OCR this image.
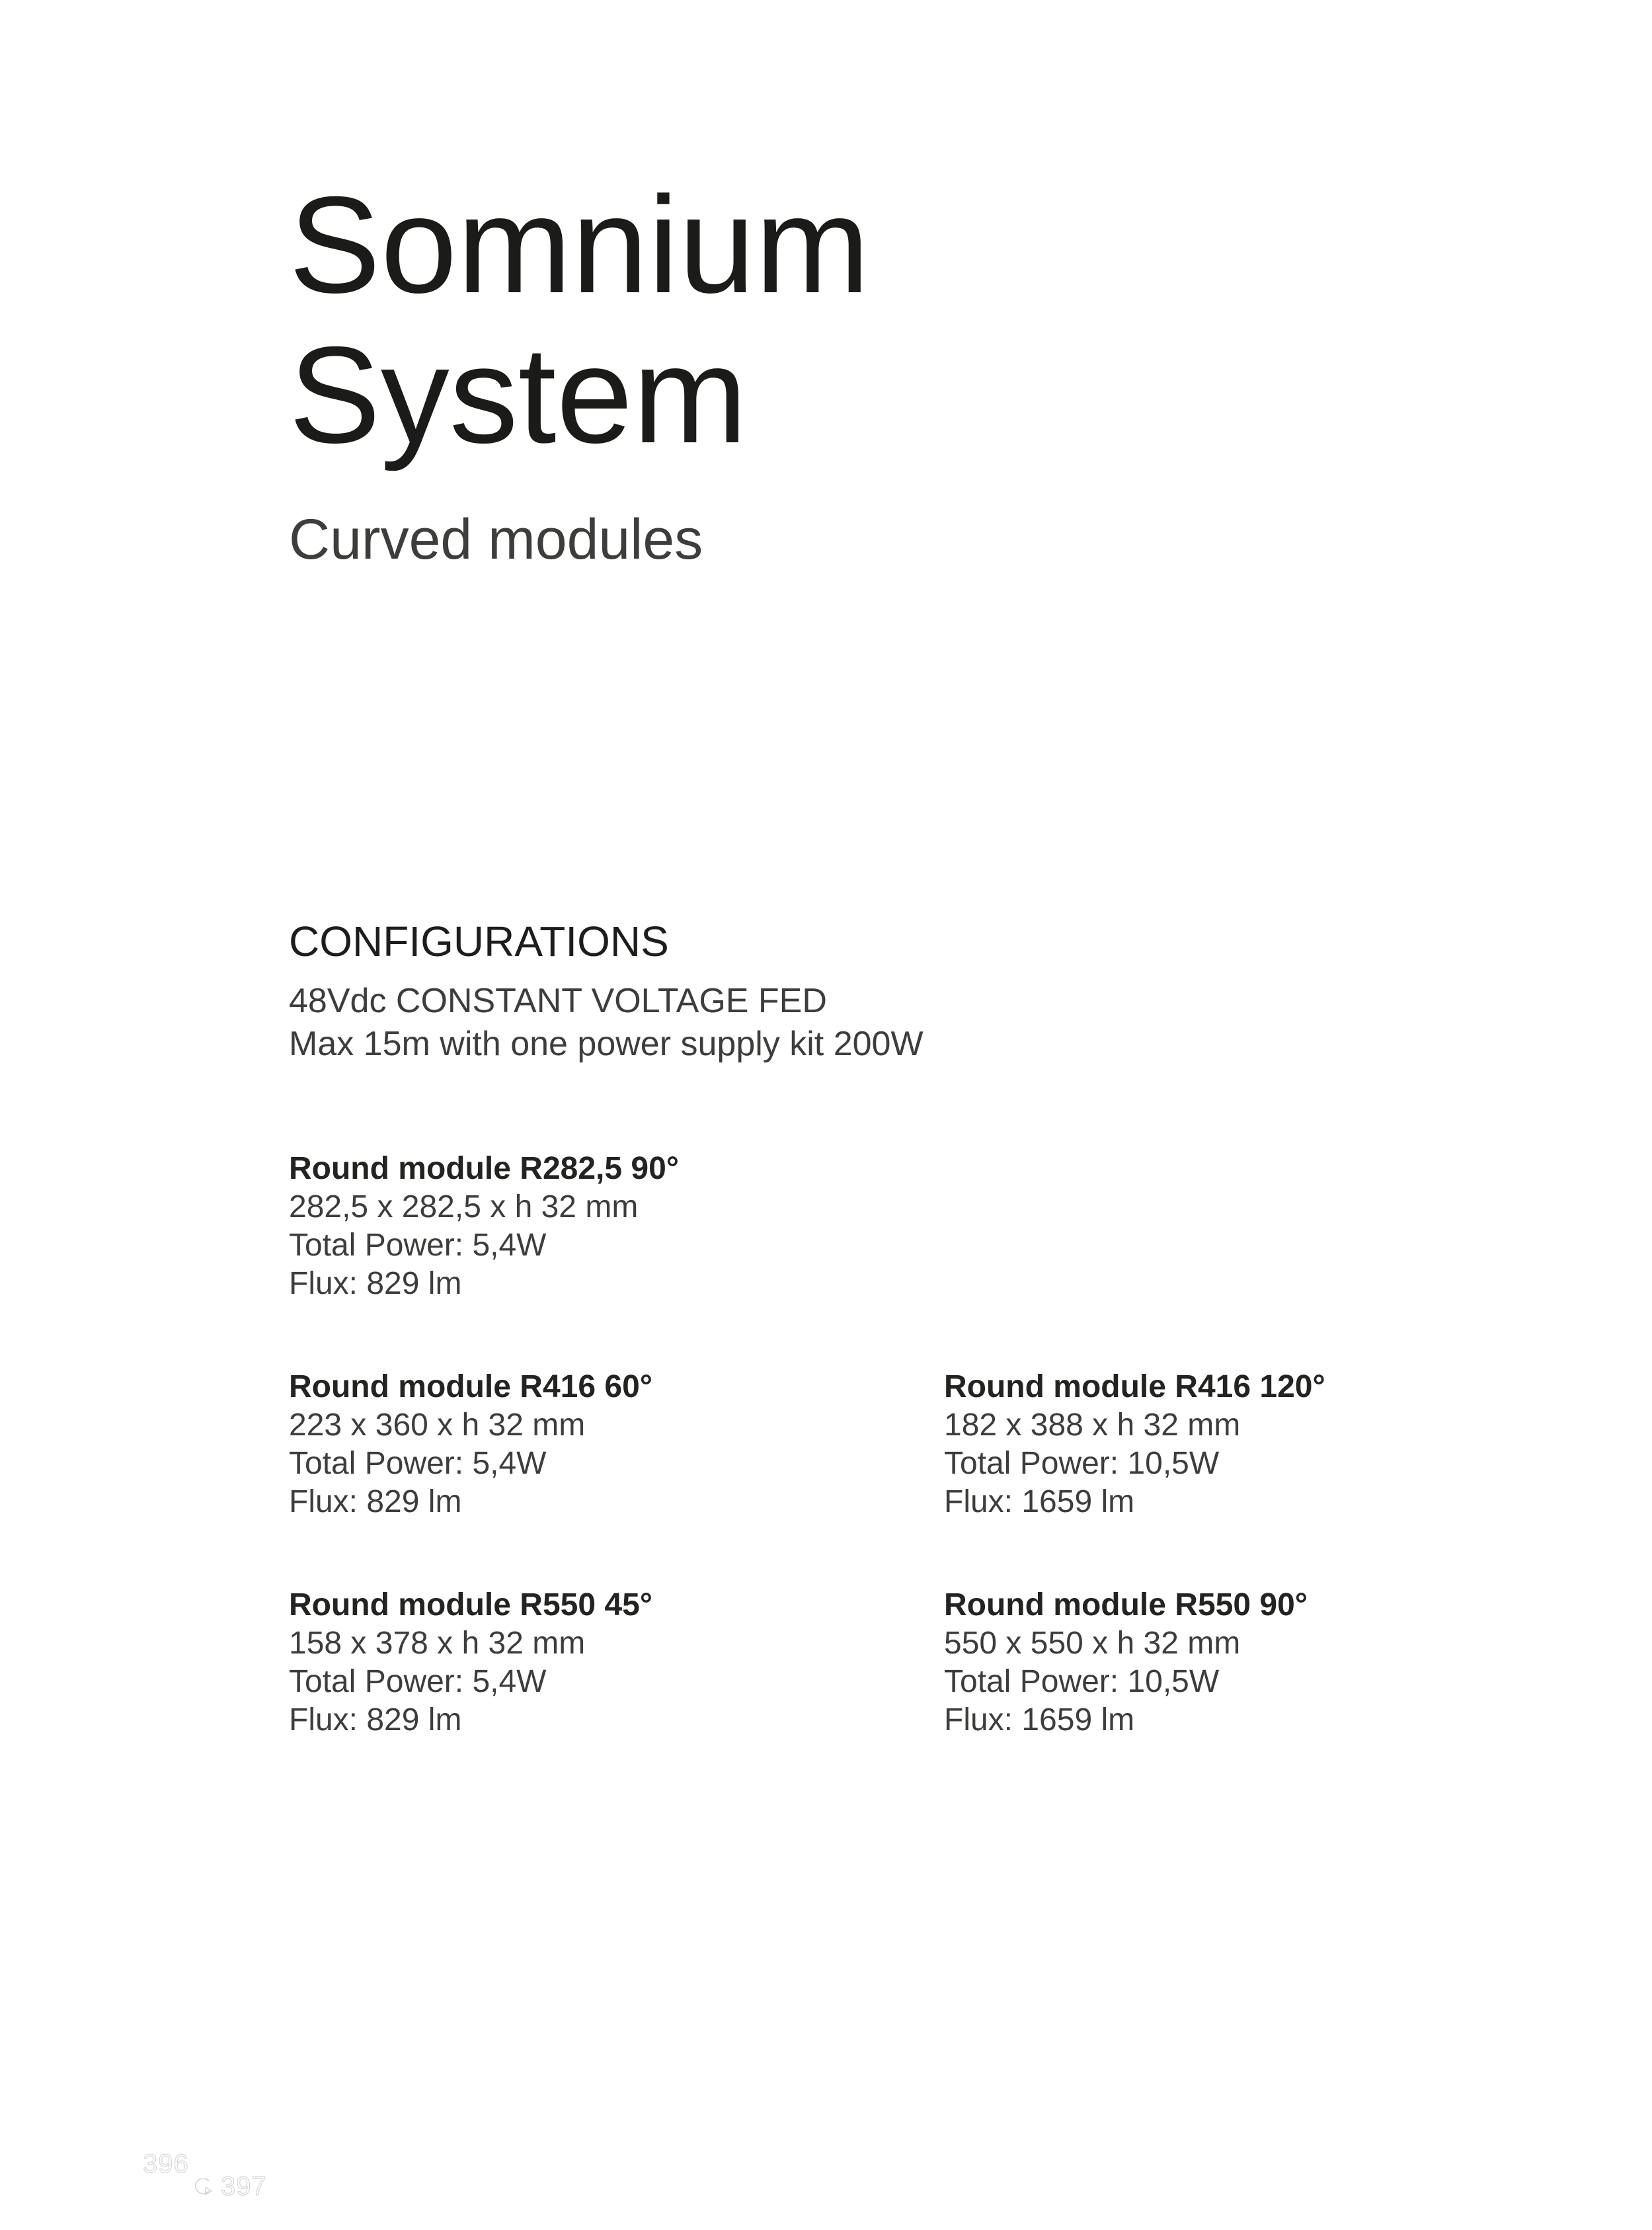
Somnium
System
Curved modules
CONFIGURATIONS
48Vdc CONSTANT VOLTAGE FED
Max 15m with one power supply kit 200W
Round module R282,5 90°
282,5 x 282,5 x h 32 mm
Total Power: 5,4W
Flux: 829 lm
Round module R416 60°
223 x 360 x h 32 mm
Total Power: 5,4W
Flux: 829 lm
Round module R416 120°
182 x 388 x h 32 mm
Total Power: 10,5W
Flux: 1659 lm
Round module R550 45°
158 x 378 x h 32 mm
Total Power: 5,4W
Flux: 829 lm
Round module R550 90°
550 x 550 x h 32 mm
Total Power: 10,5W
Flux: 1659 lm
396
397
